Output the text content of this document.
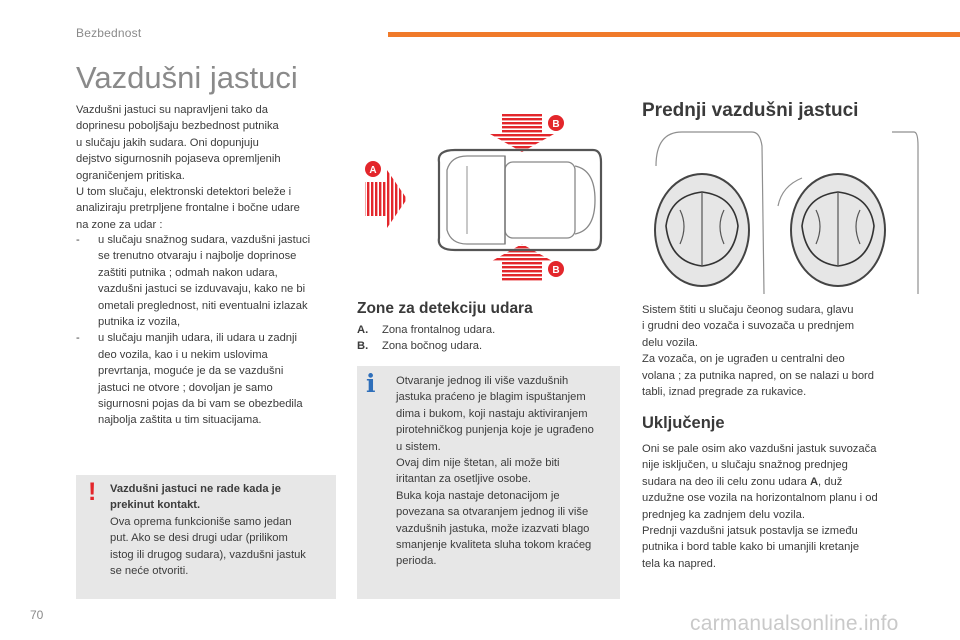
Bezbednost
Vazdušni jastuci
Vazdušni jastuci su napravljeni tako da
doprinesu poboljšaju bezbednost putnika
u slučaju jakih sudara. Oni dopunjuju
dejstvo sigurnosnih pojaseva opremljenih
ograničenjem pritiska.
U tom slučaju, elektronski detektori beleže i
analiziraju pretrpljene frontalne i bočne udare
na zone za udar :
-	u slučaju snažnog sudara, vazdušni jastuci
se trenutno otvaraju i najbolje doprinose
zaštiti putnika ; odmah nakon udara,
vazdušni jastuci se izduvavaju, kako ne bi
ometali preglednost, niti eventualni izlazak
putnika iz vozila,
-	u slučaju manjih udara, ili udara u zadnji
deo vozila, kao i u nekim uslovima
prevrtanja, moguće je da se vazdušni
jastuci ne otvore ; dovoljan je samo
sigurnosni pojas da bi vam se obezbedila
najbolja zaštita u tim situacijama.
! Vazdušni jastuci ne rade kada je
prekinut kontakt.
Ova oprema funkcioniše samo jedan
put. Ako se desi drugi udar (prilikom
istog ili drugog sudara), vazdušni jastuk
se neće otvoriti.
B
B
A
Zone za detekciju udara
A.	Zona frontalnog udara.
B.	Zona bočnog udara.
i Otvaranje jednog ili više vazdušnih
jastuka praćeno je blagim ispuštanjem
dima i bukom, koji nastaju aktiviranjem
pirotehničkog punjenja koje je ugrađeno
u sistem.
Ovaj dim nije štetan, ali može biti
iritantan za osetljive osobe.
Buka koja nastaje detonacijom je
povezana sa otvaranjem jednog ili više
vazdušnih jastuka, može izazvati blago
smanjenje kvaliteta sluha tokom kraćeg
perioda.
Prednji vazdušni jastuci
Sistem štiti u slučaju čeonog sudara, glavu
i grudni deo vozača i suvozača u prednjem
delu vozila.
Za vozača, on je ugrađen u centralni deo
volana ; za putnika napred, on se nalazi u bord
tabli, iznad pregrade za rukavice.
Uključenje
Oni se pale osim ako vazdušni jastuk suvozača
nije isključen, u slučaju snažnog prednjeg
sudara na deo ili celu zonu udara A, duž
uzdužne ose vozila na horizontalnom planu i od
prednjeg ka zadnjem delu vozila.
Prednji vazdušni jatsuk postavlja se između
putnika i bord table kako bi umanjili kretanje
tela ka napred.
70	carmanualsonline.info
